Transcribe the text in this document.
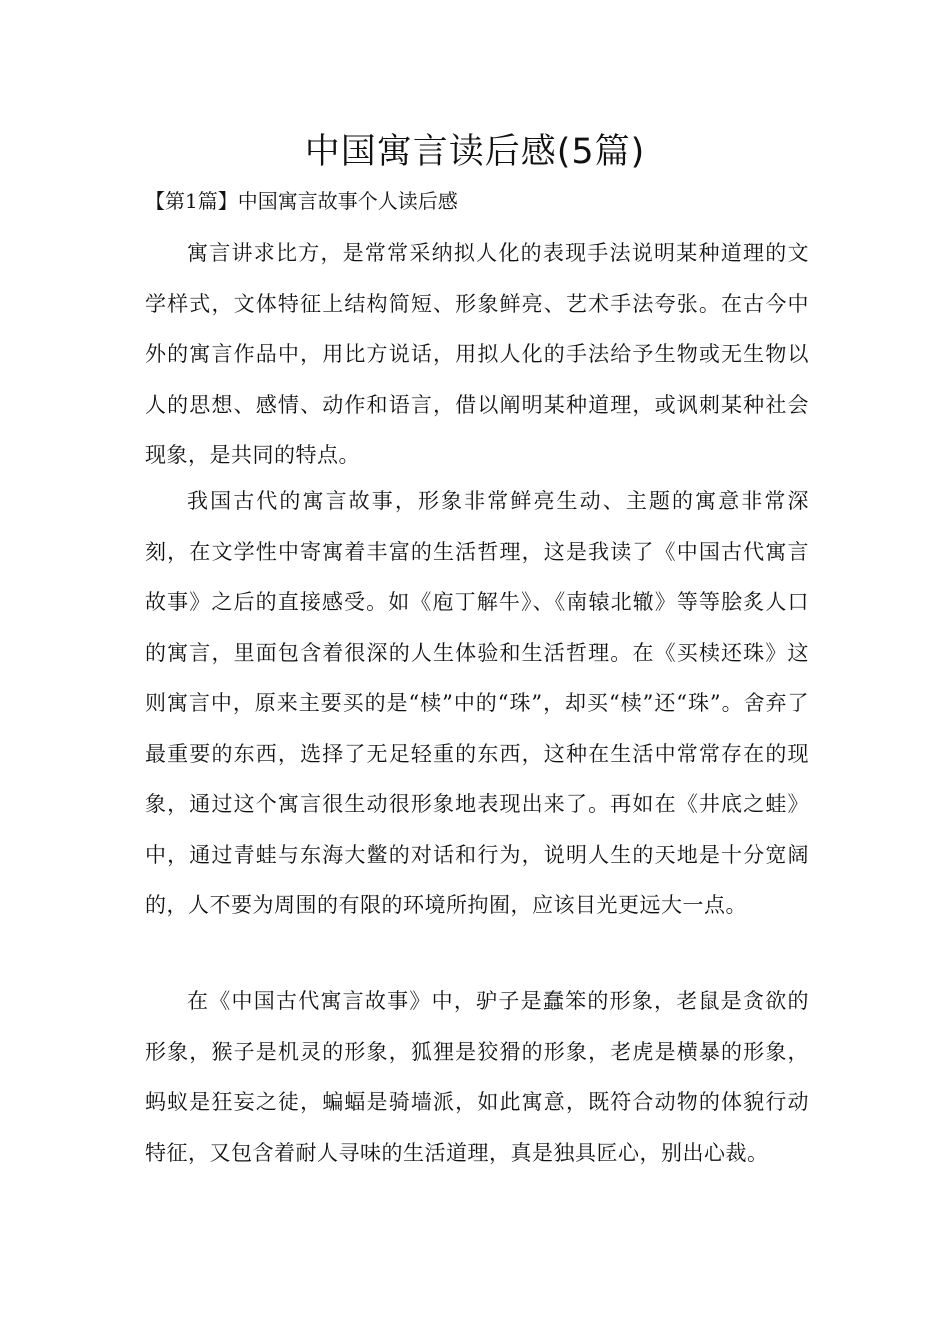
中国寓言读后感(5篇)
【第1篇】中国寓言故事个人读后感

寓言讲求比方，是常常采纳拟人化的表现手法说明某种道理的文学样式，文体特征上结构简短、形象鲜亮、艺术手法夸张。在古今中外的寓言作品中，用比方说话，用拟人化的手法给予生物或无生物以人的思想、感情、动作和语言，借以阐明某种道理，或讽刺某种社会现象，是共同的特点。

我国古代的寓言故事，形象非常鲜亮生动、主题的寓意非常深刻，在文学性中寄寓着丰富的生活哲理，这是我读了《中国古代寓言故事》之后的直接感受。如《庖丁解牛》、《南辕北辙》等等脍炙人口的寓言，里面包含着很深的人生体验和生活哲理。在《买椟还珠》这则寓言中，原来主要买的是“椟”中的“珠”，却买“椟”还“珠”。舍弃了最重要的东西，选择了无足轻重的东西，这种在生活中常常存在的现象，通过这个寓言很生动很形象地表现出来了。再如在《井底之蛙》中，通过青蛙与东海大鳖的对话和行为，说明人生的天地是十分宽阔的，人不要为周围的有限的环境所拘囿，应该目光更远大一点。

在《中国古代寓言故事》中，驴子是蠢笨的形象，老鼠是贪欲的形象，猴子是机灵的形象，狐狸是狡猾的形象，老虎是横暴的形象，蚂蚁是狂妄之徒，蝙蝠是骑墙派，如此寓意，既符合动物的体貌行动特征，又包含着耐人寻味的生活道理，真是独具匠心，别出心裁。
